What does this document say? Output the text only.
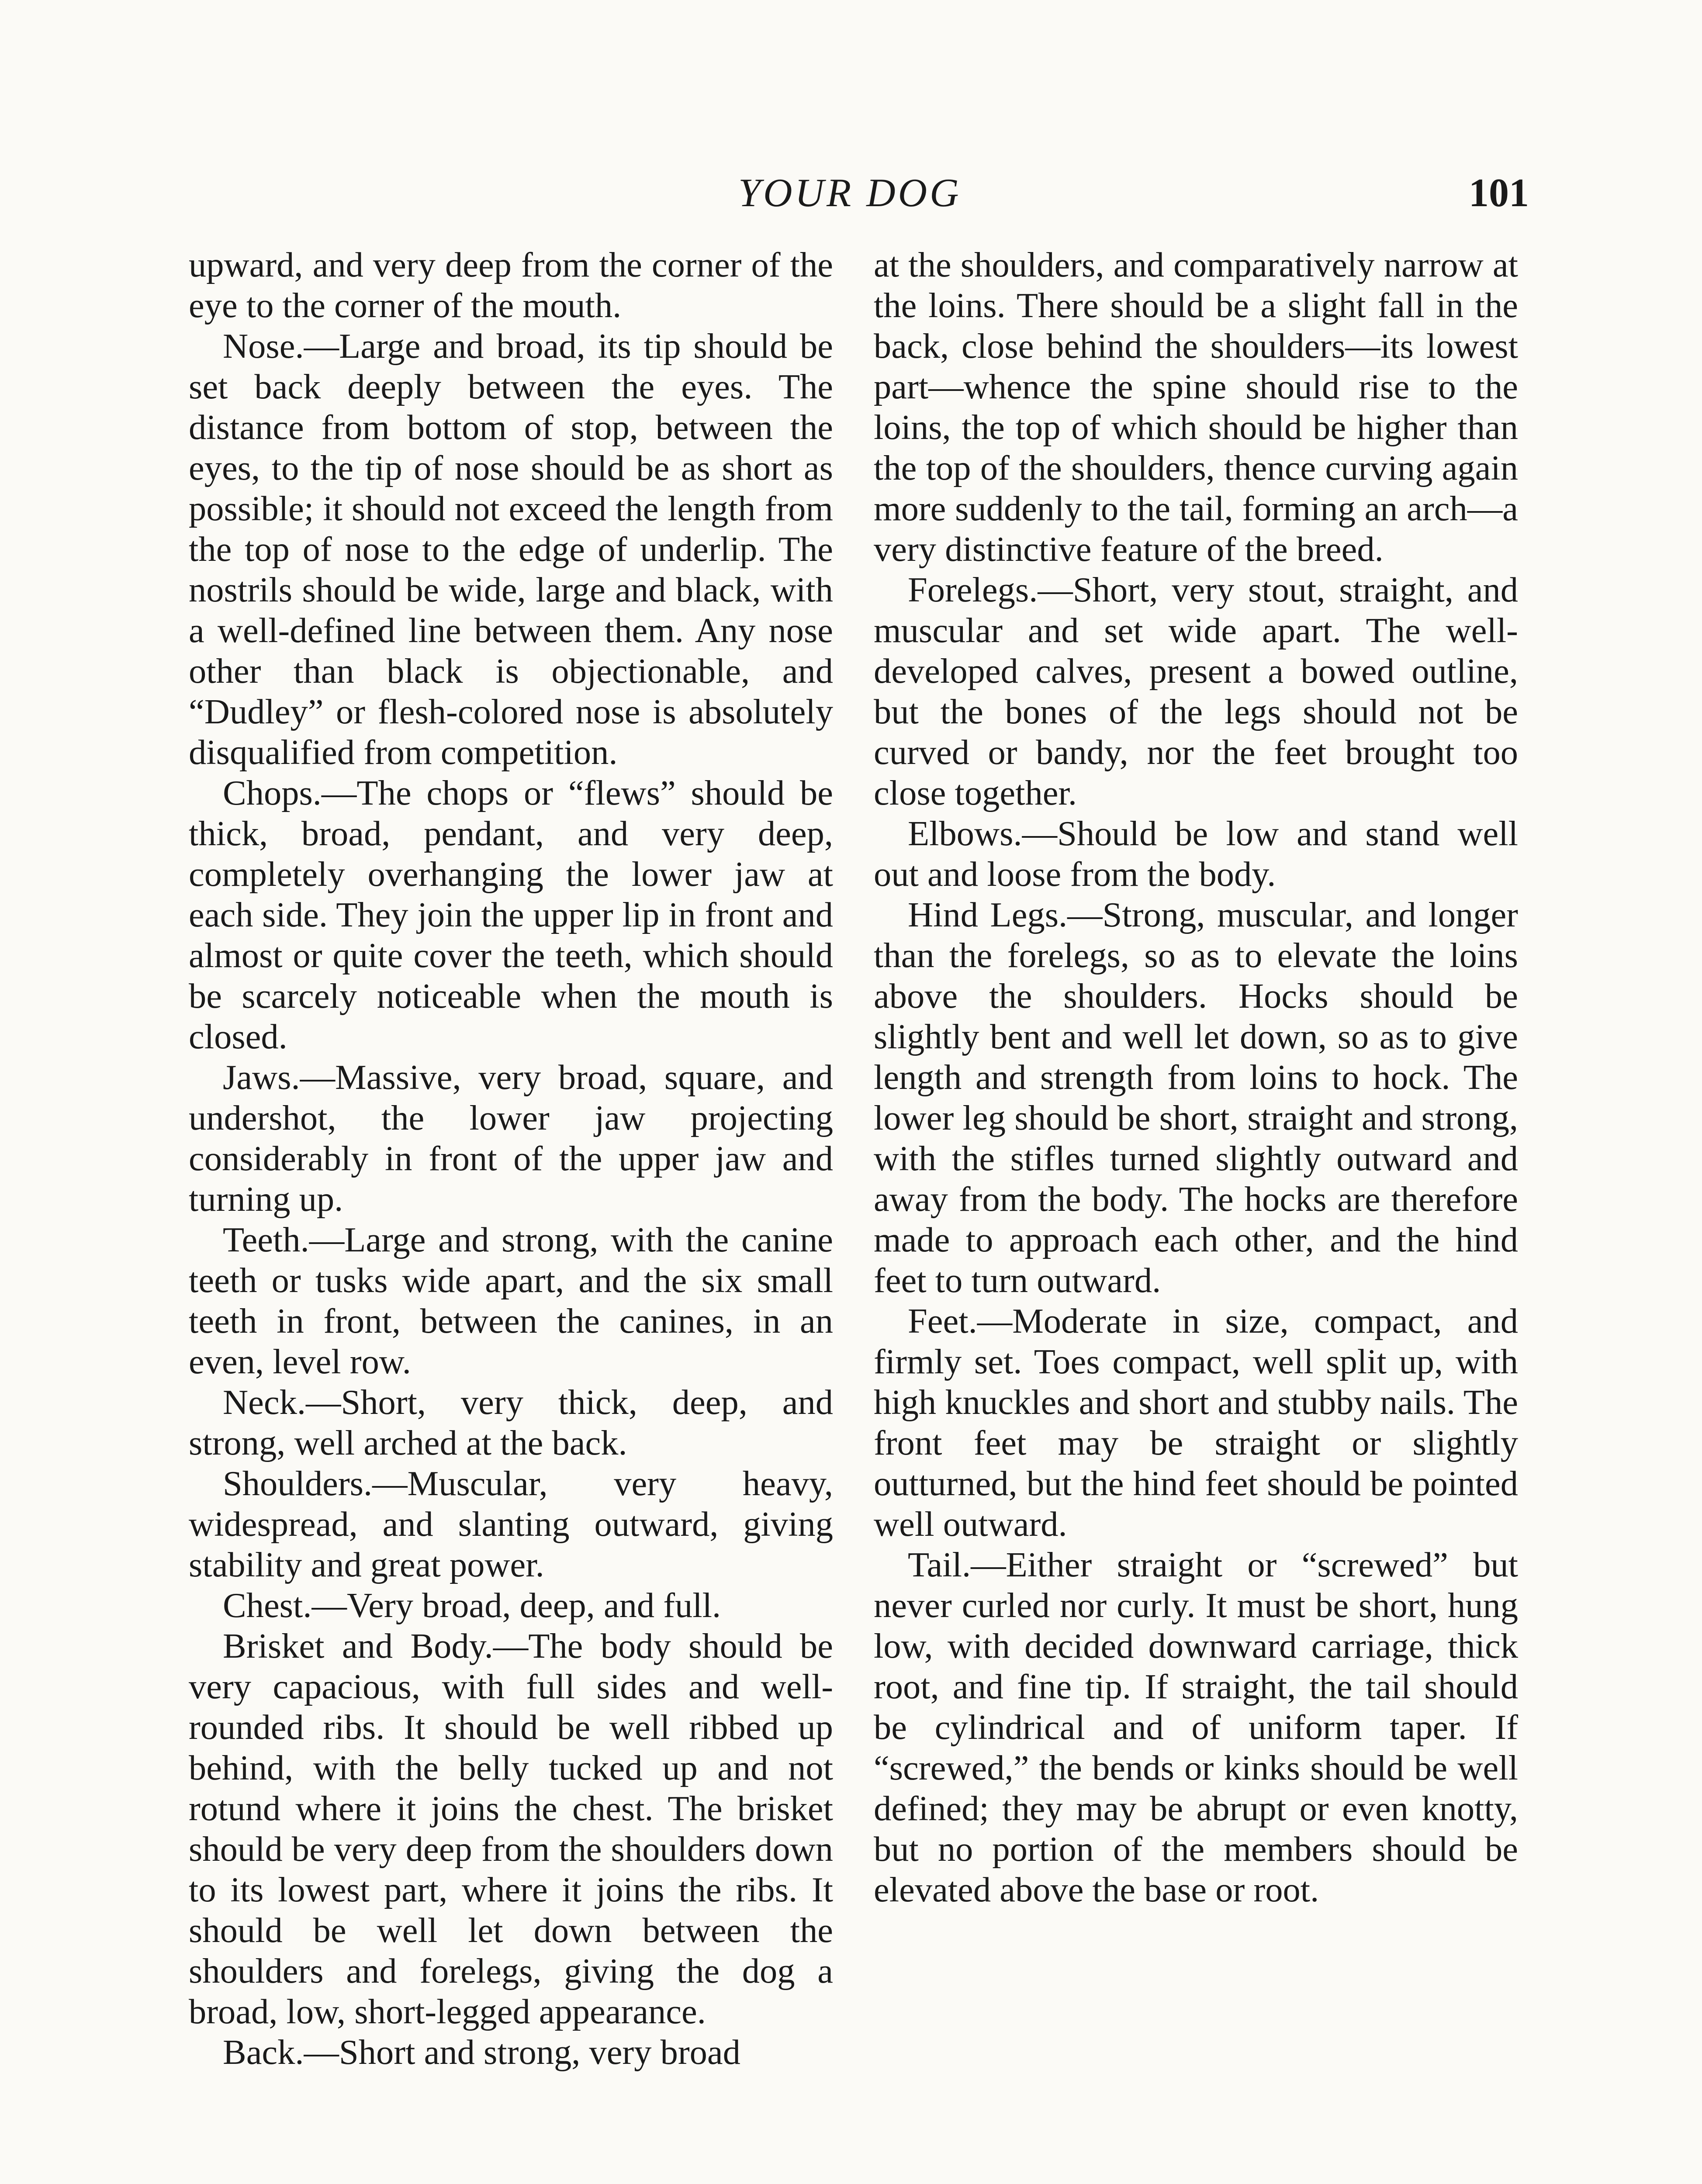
YOUR DOG	101

upward, and very deep from the corner of the eye to the corner of the mouth.

Nose.—Large and broad, its tip should be set back deeply between the eyes. The distance from bottom of stop, between the eyes, to the tip of nose should be as short as possible; it should not exceed the length from the top of nose to the edge of underlip. The nostrils should be wide, large and black, with a well-defined line between them. Any nose other than black is objectionable, and “Dudley” or flesh-colored nose is absolutely disqualified from competition.

Chops.—The chops or “flews” should be thick, broad, pendant, and very deep, completely overhanging the lower jaw at each side. They join the upper lip in front and almost or quite cover the teeth, which should be scarcely noticeable when the mouth is closed.

Jaws.—Massive, very broad, square, and undershot, the lower jaw projecting considerably in front of the upper jaw and turning up.

Teeth.—Large and strong, with the canine teeth or tusks wide apart, and the six small teeth in front, between the canines, in an even, level row.

Neck.—Short, very thick, deep, and strong, well arched at the back.

Shoulders.—Muscular, very heavy, widespread, and slanting outward, giving stability and great power.

Chest.—Very broad, deep, and full.

Brisket and Body.—The body should be very capacious, with full sides and well-rounded ribs. It should be well ribbed up behind, with the belly tucked up and not rotund where it joins the chest. The brisket should be very deep from the shoulders down to its lowest part, where it joins the ribs. It should be well let down between the shoulders and forelegs, giving the dog a broad, low, short-legged appearance.

Back.—Short and strong, very broad

at the shoulders, and comparatively narrow at the loins. There should be a slight fall in the back, close behind the shoulders—its lowest part—whence the spine should rise to the loins, the top of which should be higher than the top of the shoulders, thence curving again more suddenly to the tail, forming an arch—a very distinctive feature of the breed.

Forelegs.—Short, very stout, straight, and muscular and set wide apart. The well-developed calves, present a bowed outline, but the bones of the legs should not be curved or bandy, nor the feet brought too close together.

Elbows.—Should be low and stand well out and loose from the body.

Hind Legs.—Strong, muscular, and longer than the forelegs, so as to elevate the loins above the shoulders. Hocks should be slightly bent and well let down, so as to give length and strength from loins to hock. The lower leg should be short, straight and strong, with the stifles turned slightly outward and away from the body. The hocks are therefore made to approach each other, and the hind feet to turn outward.

Feet.—Moderate in size, compact, and firmly set. Toes compact, well split up, with high knuckles and short and stubby nails. The front feet may be straight or slightly outturned, but the hind feet should be pointed well outward.

Tail.—Either straight or “screwed” but never curled nor curly. It must be short, hung low, with decided downward carriage, thick root, and fine tip. If straight, the tail should be cylindrical and of uniform taper. If “screwed,” the bends or kinks should be well defined; they may be abrupt or even knotty, but no portion of the members should be elevated above the base or root.
